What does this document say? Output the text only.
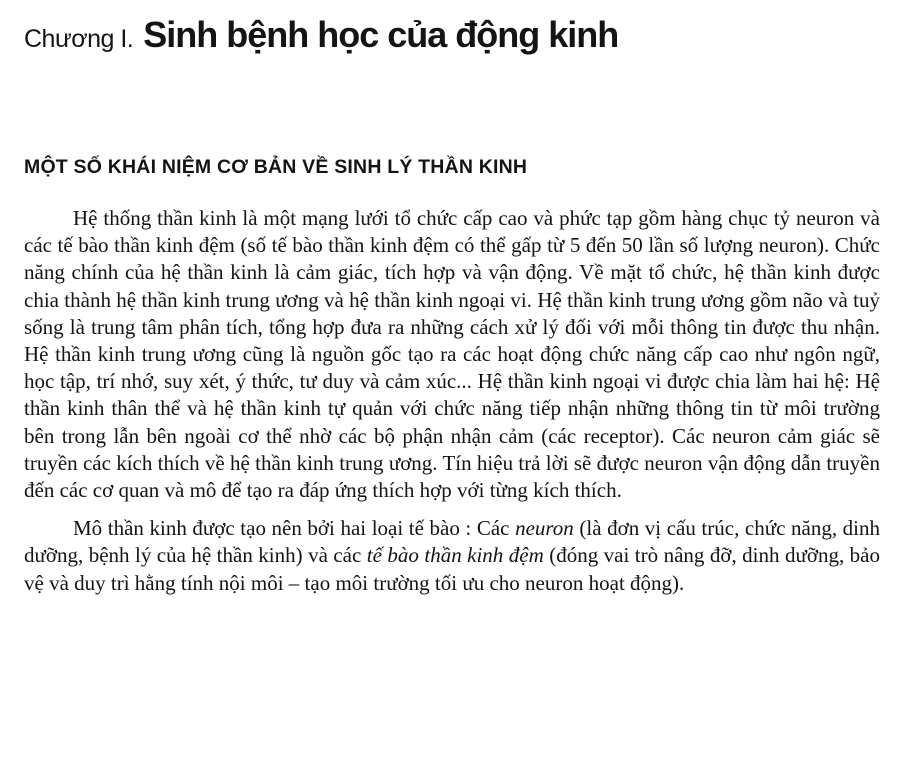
Chương I. Sinh bệnh học của động kinh
MỘT SỐ KHÁI NIỆM CƠ BẢN VỀ SINH LÝ THẦN KINH

Hệ thống thần kinh là một mạng lưới tổ chức cấp cao và phức tạp gồm hàng chục tỷ neuron và các tế bào thần kinh đệm (số tế bào thần kinh đệm có thể gấp từ 5 đến 50 lần số lượng neuron). Chức năng chính của hệ thần kinh là cảm giác, tích hợp và vận động. Về mặt tổ chức, hệ thần kinh được chia thành hệ thần kinh trung ương và hệ thần kinh ngoại vi. Hệ thần kinh trung ương gồm não và tuỷ sống là trung tâm phân tích, tổng hợp đưa ra những cách xử lý đối với mỗi thông tin được thu nhận. Hệ thần kinh trung ương cũng là nguồn gốc tạo ra các hoạt động chức năng cấp cao như ngôn ngữ, học tập, trí nhớ, suy xét, ý thức, tư duy và cảm xúc... Hệ thần kinh ngoại vi được chia làm hai hệ: Hệ thần kinh thân thể và hệ thần kinh tự quản với chức năng tiếp nhận những thông tin từ môi trường bên trong lẫn bên ngoài cơ thể nhờ các bộ phận nhận cảm (các receptor). Các neuron cảm giác sẽ truyền các kích thích về hệ thần kinh trung ương. Tín hiệu trả lời sẽ được neuron vận động dẫn truyền đến các cơ quan và mô để tạo ra đáp ứng thích hợp với từng kích thích.

Mô thần kinh được tạo nên bởi hai loại tế bào : Các neuron (là đơn vị cấu trúc, chức năng, dinh dưỡng, bệnh lý của hệ thần kinh) và các tế bào thần kinh đệm (đóng vai trò nâng đỡ, dinh dưỡng, bảo vệ và duy trì hằng tính nội môi – tạo môi trường tối ưu cho neuron hoạt động).
